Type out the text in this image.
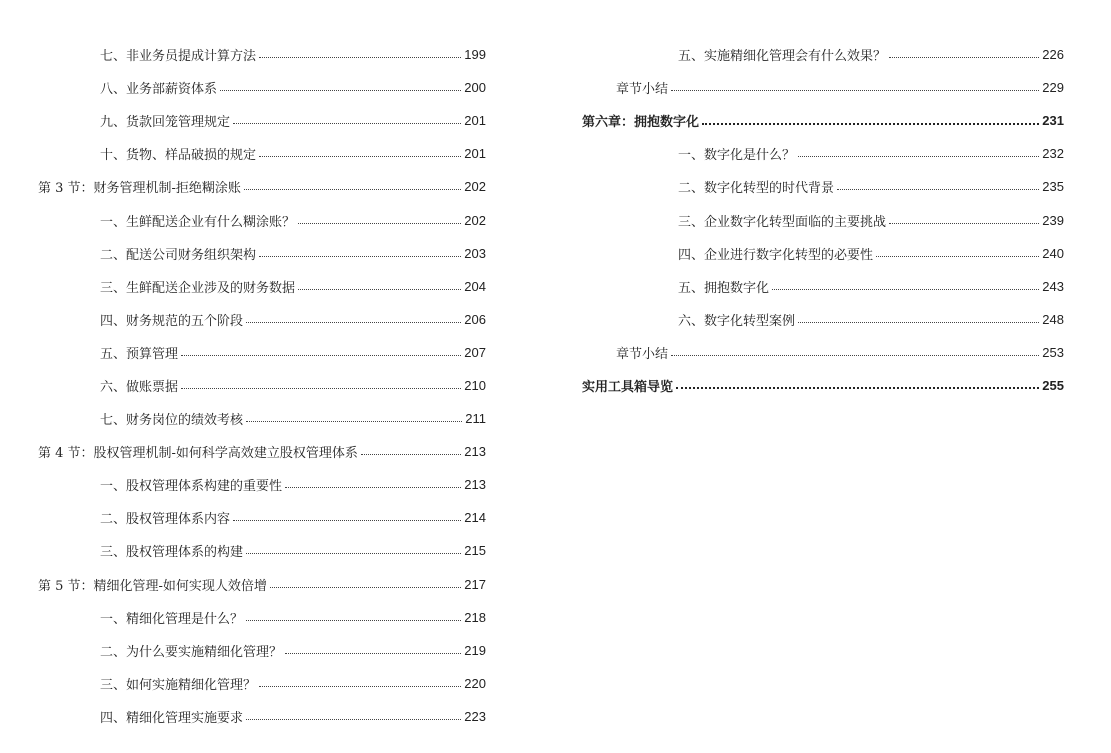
七、非业务员提成计算方法	199
八、业务部薪资体系	200
九、货款回笼管理规定	201
十、货物、样品破损的规定	201
第 3 节：财务管理机制-拒绝糊涂账	202
一、生鲜配送企业有什么糊涂账？	202
二、配送公司财务组织架构	203
三、生鲜配送企业涉及的财务数据	204
四、财务规范的五个阶段	206
五、预算管理	207
六、做账票据	210
七、财务岗位的绩效考核	211
第 4 节：股权管理机制-如何科学高效建立股权管理体系	213
一、股权管理体系构建的重要性	213
二、股权管理体系内容	214
三、股权管理体系的构建	215
第 5 节：精细化管理-如何实现人效倍增	217
一、精细化管理是什么？	218
二、为什么要实施精细化管理？	219
三、如何实施精细化管理？	220
四、精细化管理实施要求	223
五、实施精细化管理会有什么效果？	226
章节小结	229
第六章：拥抱数字化	231
一、数字化是什么？	232
二、数字化转型的时代背景	235
三、企业数字化转型面临的主要挑战	239
四、企业进行数字化转型的必要性	240
五、拥抱数字化	243
六、数字化转型案例	248
章节小结	253
实用工具箱导览	255
